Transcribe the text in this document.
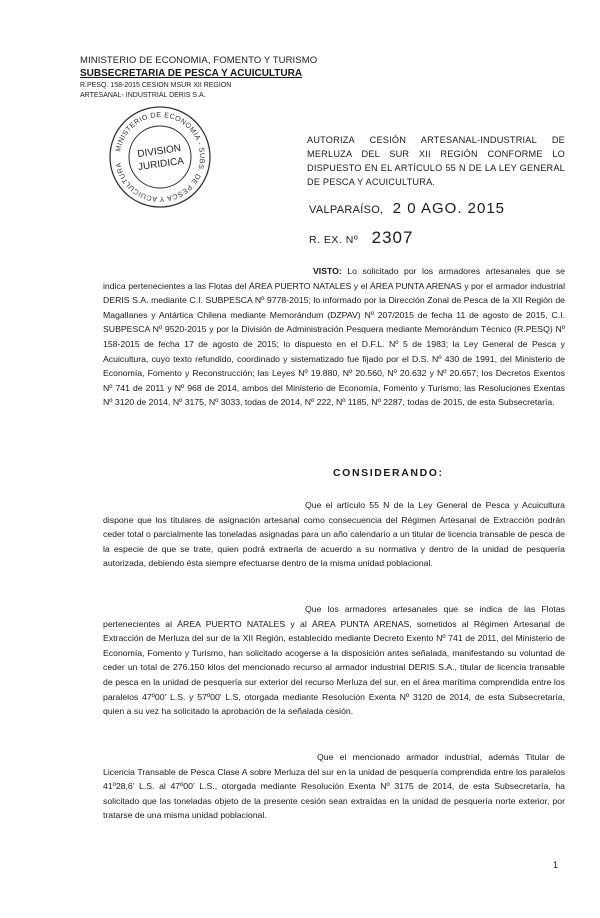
MINISTERIO DE ECONOMIA, FOMENTO Y TURISMO
SUBSECRETARIA DE PESCA Y ACUICULTURA
R.PESQ. 158-2015 CESION MSUR XII REGION
ARTESANAL- INDUSTRIAL DERIS S.A.
MINISTERIO DE ECONOMIA - SUBS. DE PESCA Y ACUICULTURA
DIVISION
JURIDICA
AUTORIZA CESIÓN ARTESANAL-INDUSTRIAL DE MERLUZA DEL SUR XII REGIÓN CONFORME LO DISPUESTO EN EL ARTÍCULO 55 N DE LA LEY GENERAL DE PESCA Y ACUICULTURA.
VALPARAÍSO, 2 0 AGO. 2015
R. EX. Nº 2307

VISTO: Lo solicitado por los armadores artesanales que se indica pertenecientes a las Flotas del ÁREA PUERTO NATALES y el ÁREA PUNTA ARENAS y por el armador industrial DERIS S.A. mediante C.I. SUBPESCA Nº 9778-2015; lo informado por la Dirección Zonal de Pesca de la XII Región de Magallanes y Antártica Chilena mediante Memorándum (DZPAV) Nº 207/2015 de fecha 11 de agosto de 2015, C.I. SUBPESCA Nº 9520-2015 y por la División de Administración Pesquera mediante Memorándum Técnico (R.PESQ) Nº 158-2015 de fecha 17 de agosto de 2015; lo dispuesto en el D.F.L. Nº 5 de 1983; la Ley General de Pesca y Acuicultura, cuyo texto refundido, coordinado y sistematizado fue fijado por el D.S. Nº 430 de 1991, del Ministerio de Economía, Fomento y Reconstrucción; las Leyes Nº 19.880, Nº 20.560, Nº 20.632 y Nº 20.657; los Decretos Exentos Nº 741 de 2011 y Nº 968 de 2014, ambos del Ministerio de Economía, Fomento y Turismo; las Resoluciones Exentas Nº 3120 de 2014, Nº 3175, Nº 3033, todas de 2014, Nº 222, Nº 1185, Nº 2287, todas de 2015, de esta Subsecretaría.

CONSIDERANDO:

Que el artículo 55 N de la Ley General de Pesca y Acuicultura dispone que los titulares de asignación artesanal como consecuencia del Régimen Artesanal de Extracción podrán ceder total o parcialmente las toneladas asignadas para un año calendario a un titular de licencia transable de pesca de la especie de que se trate, quien podrá extraerla de acuerdo a su normativa y dentro de la unidad de pesquería autorizada, debiendo ésta siempre efectuarse dentro de la misma unidad poblacional.

Que los armadores artesanales que se indica de las Flotas pertenecientes al ÁREA PUERTO NATALES y al ÁREA PUNTA ARENAS, sometidos al Régimen Artesanal de Extracción de Merluza del sur de la XII Región, establecido mediante Decreto Exento Nº 741 de 2011, del Ministerio de Economía, Fomento y Turismo, han solicitado acogerse a la disposición antes señalada, manifestando su voluntad de ceder un total de 276.150 kilos del mencionado recurso al armador industrial DERIS S.A., titular de licencia transable de pesca en la unidad de pesquería sur exterior del recurso Merluza del sur, en el área marítima comprendida entre los paralelos 47º00' L.S. y 57º00' L.S, otorgada mediante Resolución Exenta Nº 3120 de 2014, de esta Subsecretaría, quien a su vez ha solicitado la aprobación de la señalada cesión.

Que el mencionado armador industrial, además Titular de Licencia Transable de Pesca Clase A sobre Merluza del sur en la unidad de pesquería comprendida entre los paralelos 41º28,6' L.S. al 47º00' L.S., otorgada mediante Resolución Exenta Nº 3175 de 2014, de esta Subsecretaría, ha solicitado que las toneladas objeto de la presente cesión sean extraídas en la unidad de pesquería norte exterior, por tratarse de una misma unidad poblacional.

1
